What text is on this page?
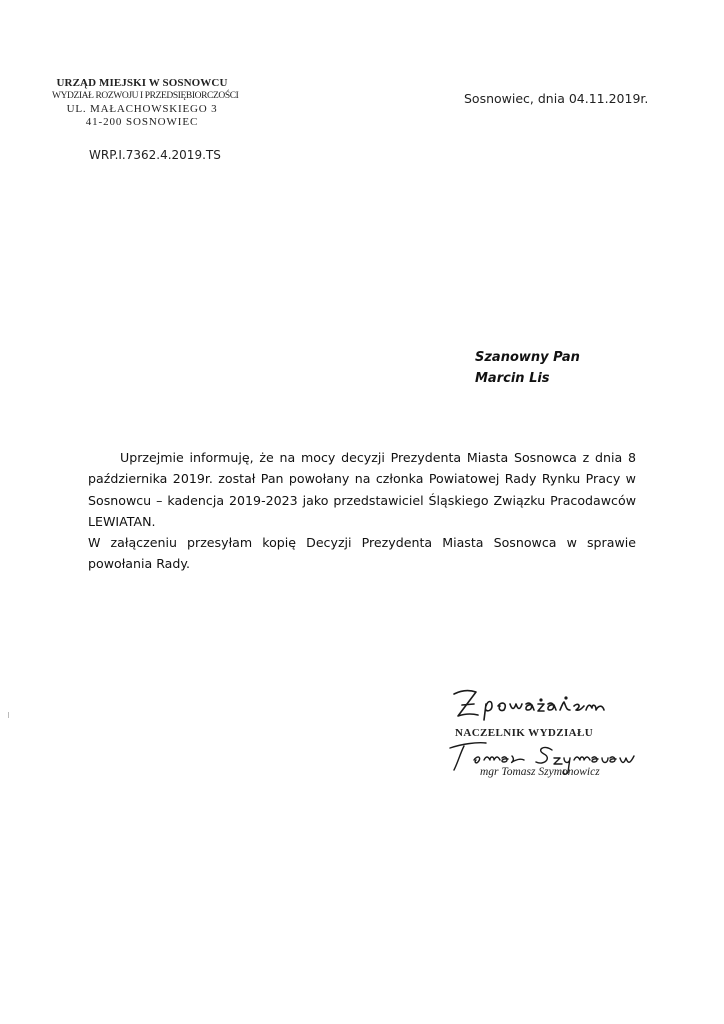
URZĄD MIEJSKI W SOSNOWCU
WYDZIAŁ ROZWOJU I PRZEDSIĘBIORCZOŚCI
UL. MAŁACHOWSKIEGO 3
41-200 SOSNOWIEC
WRP.I.7362.4.2019.TS
Sosnowiec, dnia 04.11.2019r.
Szanowny Pan
Marcin Lis

Uprzejmie informuję, że na mocy decyzji Prezydenta Miasta Sosnowca z dnia 8 października 2019r. został Pan powołany na członka Powiatowej Rady Rynku Pracy w Sosnowcu – kadencja 2019-2023 jako przedstawiciel Śląskiego Związku Pracodawców LEWIATAN.

W załączeniu przesyłam kopię Decyzji Prezydenta Miasta Sosnowca w sprawie powołania Rady.

NACZELNIK WYDZIAŁU
mgr Tomasz Szymonowicz
